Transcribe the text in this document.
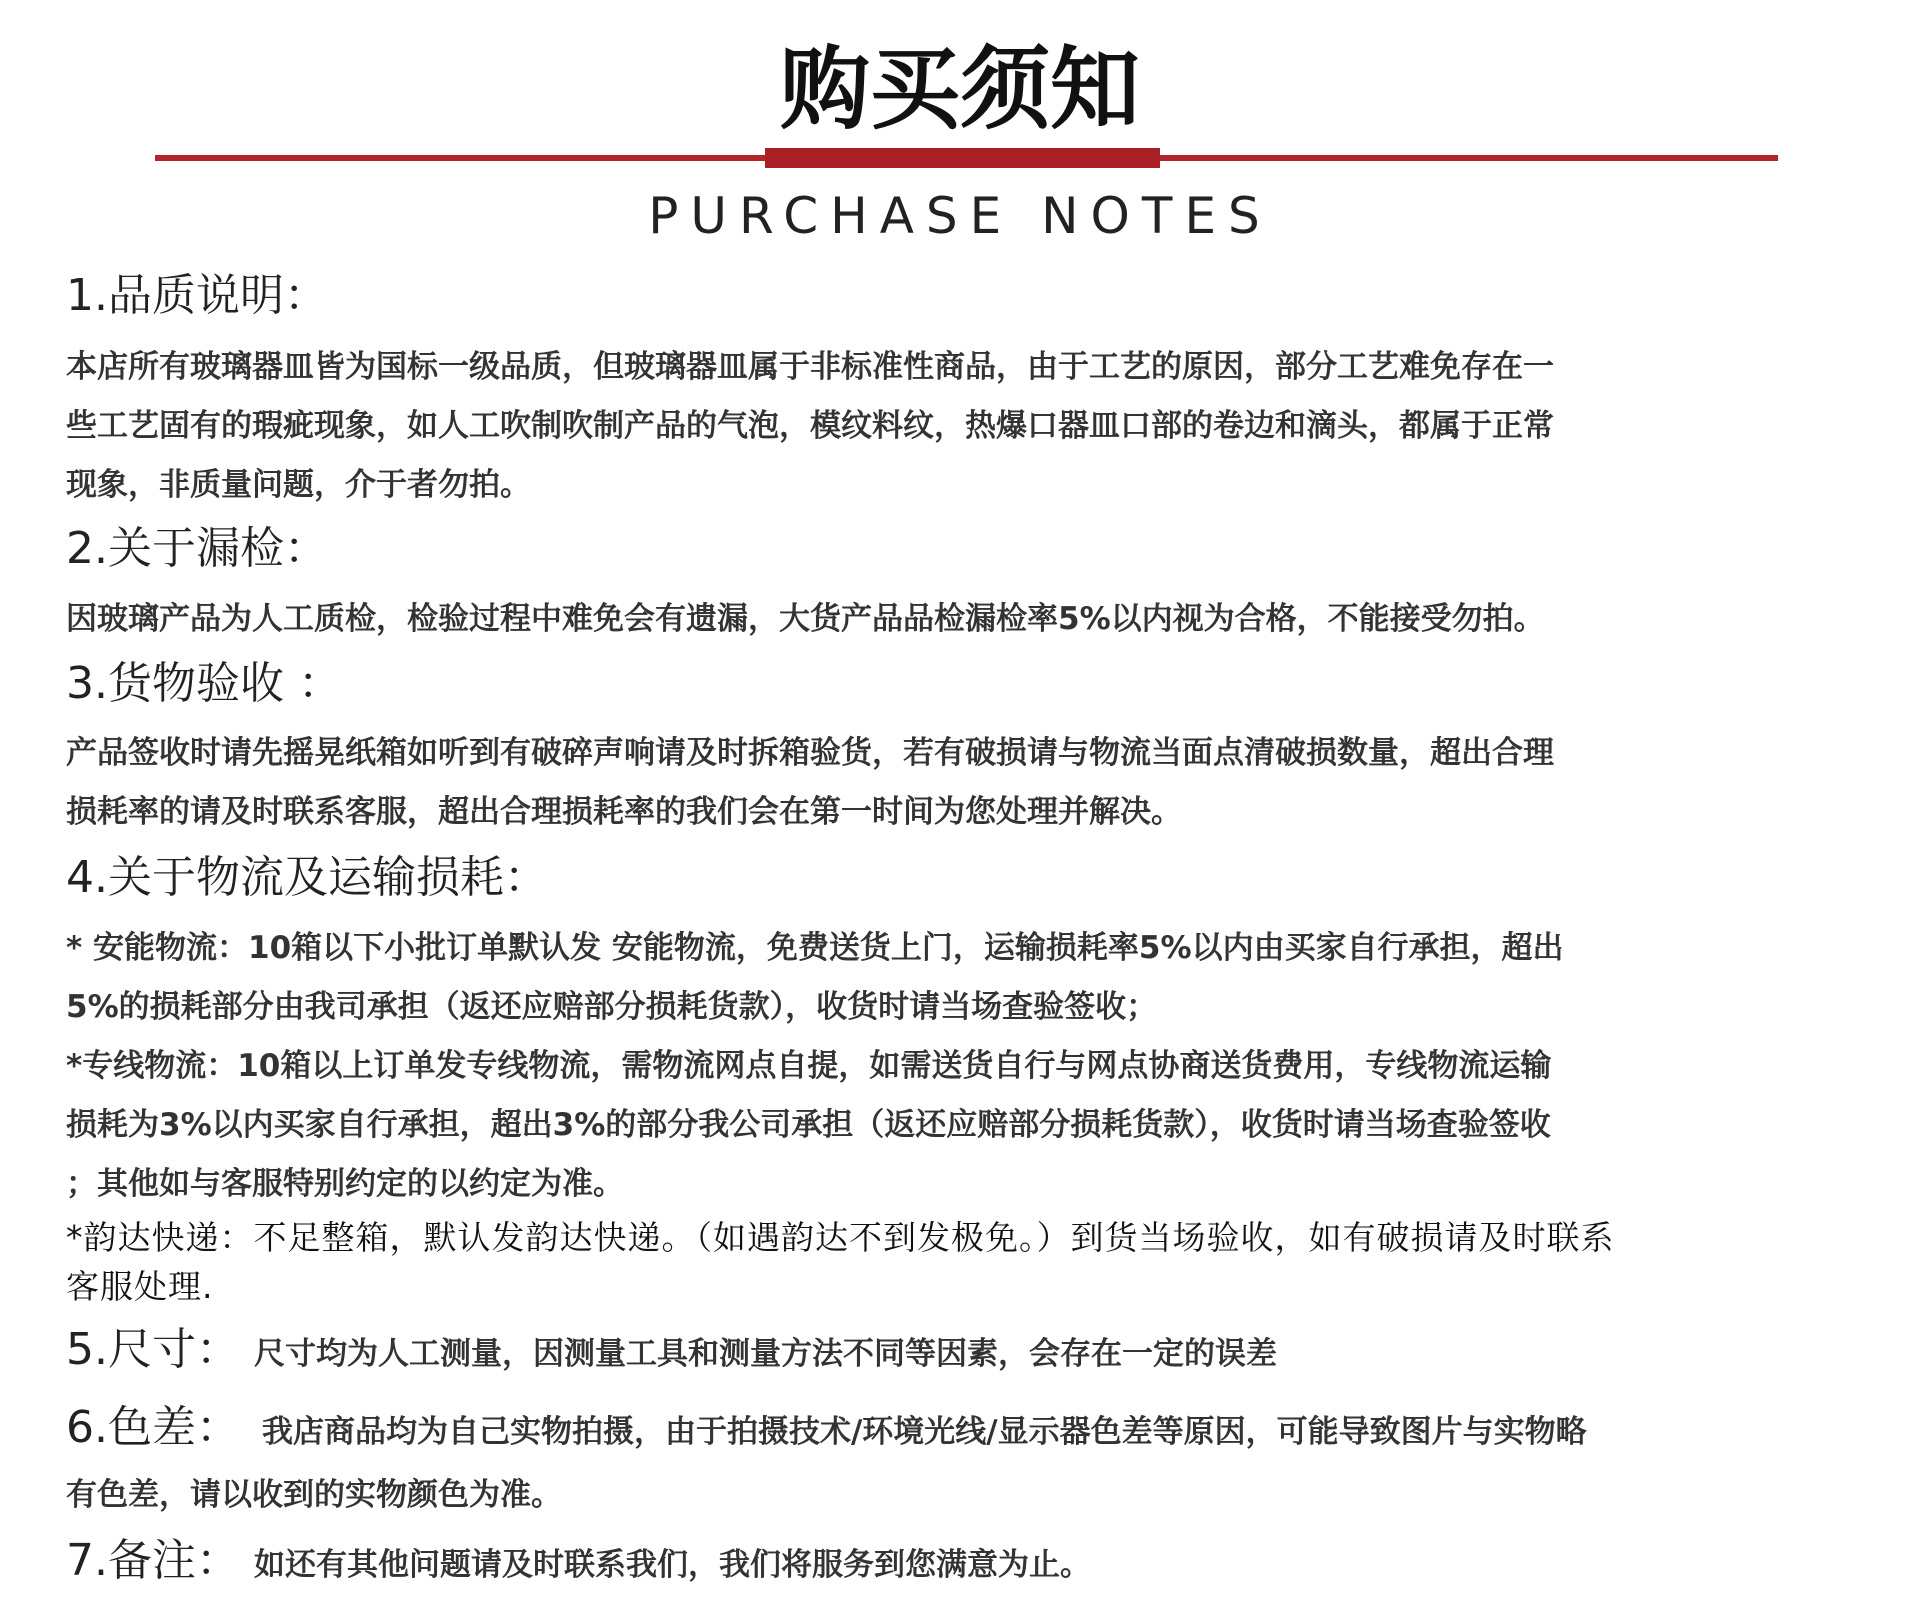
购买须知
PURCHASE NOTES
1.品质说明：
本店所有玻璃器皿皆为国标一级品质，但玻璃器皿属于非标准性商品，由于工艺的原因，部分工艺难免存在一
些工艺固有的瑕疵现象，如人工吹制吹制产品的气泡，模纹料纹，热爆口器皿口部的卷边和滴头，都属于正常
现象，非质量问题，介于者勿拍。
2.关于漏检：
因玻璃产品为人工质检，检验过程中难免会有遗漏，大货产品品检漏检率5%以内视为合格，不能接受勿拍。
3.货物验收 ：
产品签收时请先摇晃纸箱如听到有破碎声响请及时拆箱验货，若有破损请与物流当面点清破损数量，超出合理
损耗率的请及时联系客服，超出合理损耗率的我们会在第一时间为您处理并解决。
4.关于物流及运输损耗：
* 安能物流：10箱以下小批订单默认发 安能物流，免费送货上门，运输损耗率5%以内由买家自行承担，超出
5%的损耗部分由我司承担（返还应赔部分损耗货款），收货时请当场查验签收；
*专线物流：10箱以上订单发专线物流，需物流网点自提，如需送货自行与网点协商送货费用，专线物流运输
损耗为3%以内买家自行承担，超出3%的部分我公司承担（返还应赔部分损耗货款），收货时请当场查验签收
；其他如与客服特别约定的以约定为准。
*韵达快递：不足整箱，默认发韵达快递。（如遇韵达不到发极免。）到货当场验收，如有破损请及时联系
客服处理.
5.尺寸： 尺寸均为人工测量，因测量工具和测量方法不同等因素，会存在一定的误差
6.色差： 我店商品均为自己实物拍摄，由于拍摄技术/环境光线/显示器色差等原因，可能导致图片与实物略
有色差，请以收到的实物颜色为准。
7.备注： 如还有其他问题请及时联系我们，我们将服务到您满意为止。
